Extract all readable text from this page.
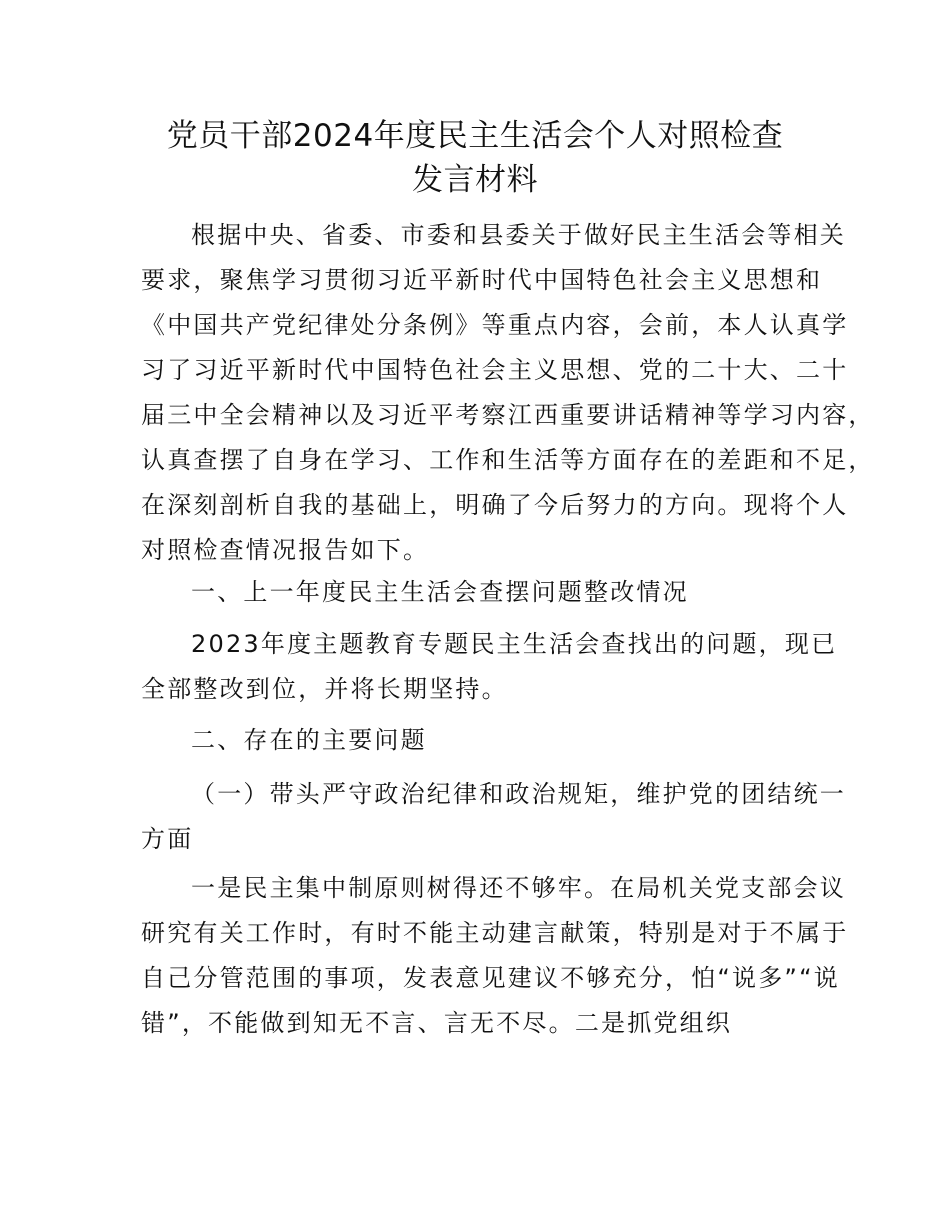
党员干部2024年度民主生活会个人对照检查
发言材料
根据中央、省委、市委和县委关于做好民主生活会等相关
要求，聚焦学习贯彻习近平新时代中国特色社会主义思想和
《中国共产党纪律处分条例》等重点内容，会前，本人认真学
习了习近平新时代中国特色社会主义思想、党的二十大、二十
届三中全会精神以及习近平考察江西重要讲话精神等学习内容，
认真查摆了自身在学习、工作和生活等方面存在的差距和不足，
在深刻剖析自我的基础上，明确了今后努力的方向。现将个人
对照检查情况报告如下。
一、上一年度民主生活会查摆问题整改情况
2023年度主题教育专题民主生活会查找出的问题，现已
全部整改到位，并将长期坚持。
二、存在的主要问题
（一）带头严守政治纪律和政治规矩，维护党的团结统一
方面
一是民主集中制原则树得还不够牢。在局机关党支部会议
研究有关工作时，有时不能主动建言献策，特别是对于不属于
自己分管范围的事项，发表意见建议不够充分，怕“说多”“说
错”，不能做到知无不言、言无不尽。二是抓党组织
